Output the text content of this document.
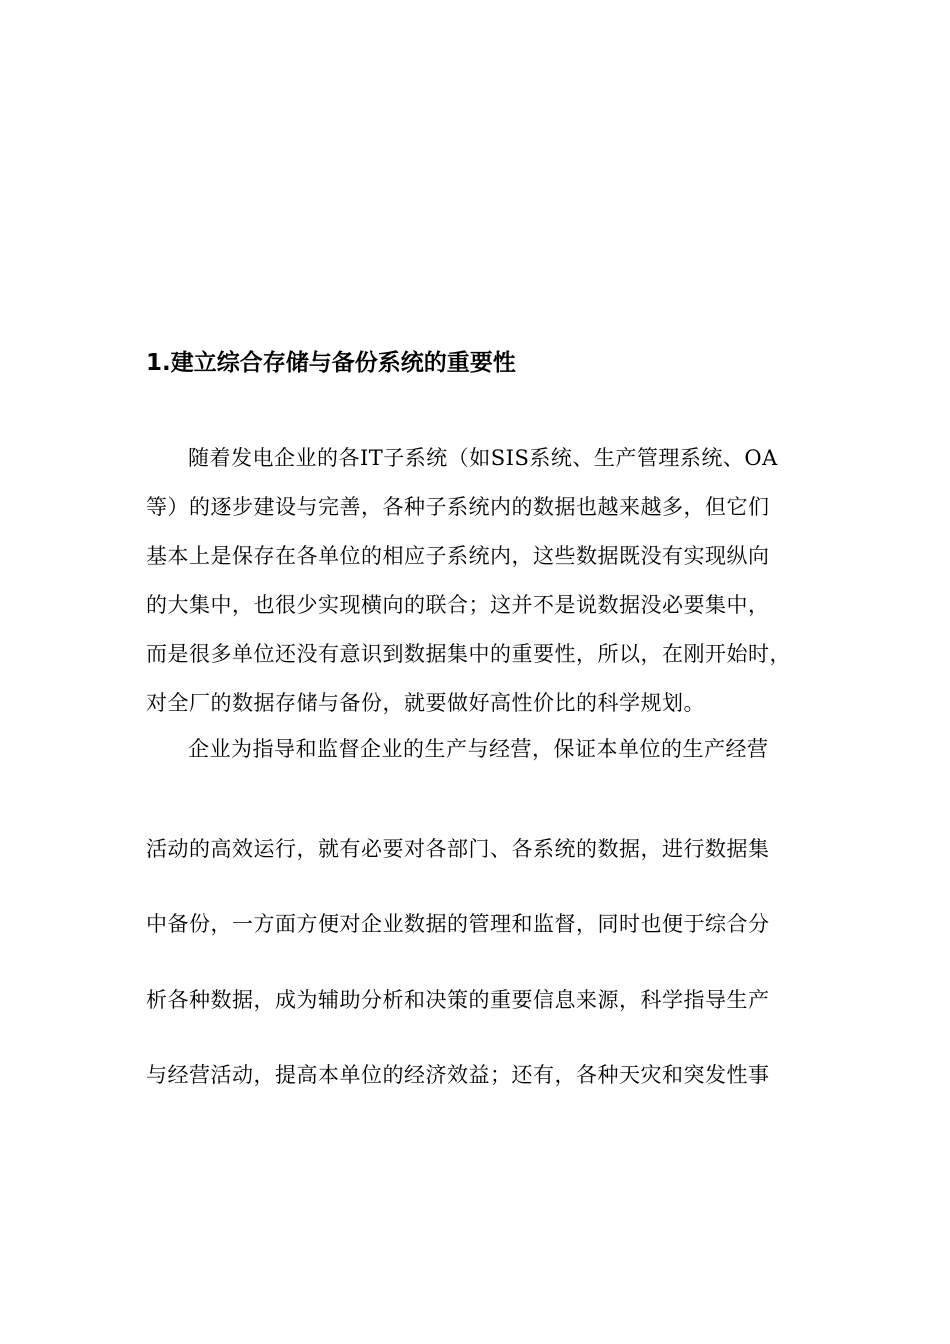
1.建立综合存储与备份系统的重要性

随着发电企业的各IT子系统（如SIS系统、生产管理系统、OA

等）的逐步建设与完善，各种子系统内的数据也越来越多，但它们

基本上是保存在各单位的相应子系统内，这些数据既没有实现纵向

的大集中，也很少实现横向的联合；这并不是说数据没必要集中，

而是很多单位还没有意识到数据集中的重要性，所以，在刚开始时，

对全厂的数据存储与备份，就要做好高性价比的科学规划。

企业为指导和监督企业的生产与经营，保证本单位的生产经营

活动的高效运行，就有必要对各部门、各系统的数据，进行数据集

中备份，一方面方便对企业数据的管理和监督，同时也便于综合分

析各种数据，成为辅助分析和决策的重要信息来源，科学指导生产

与经营活动，提高本单位的经济效益；还有，各种天灾和突发性事
